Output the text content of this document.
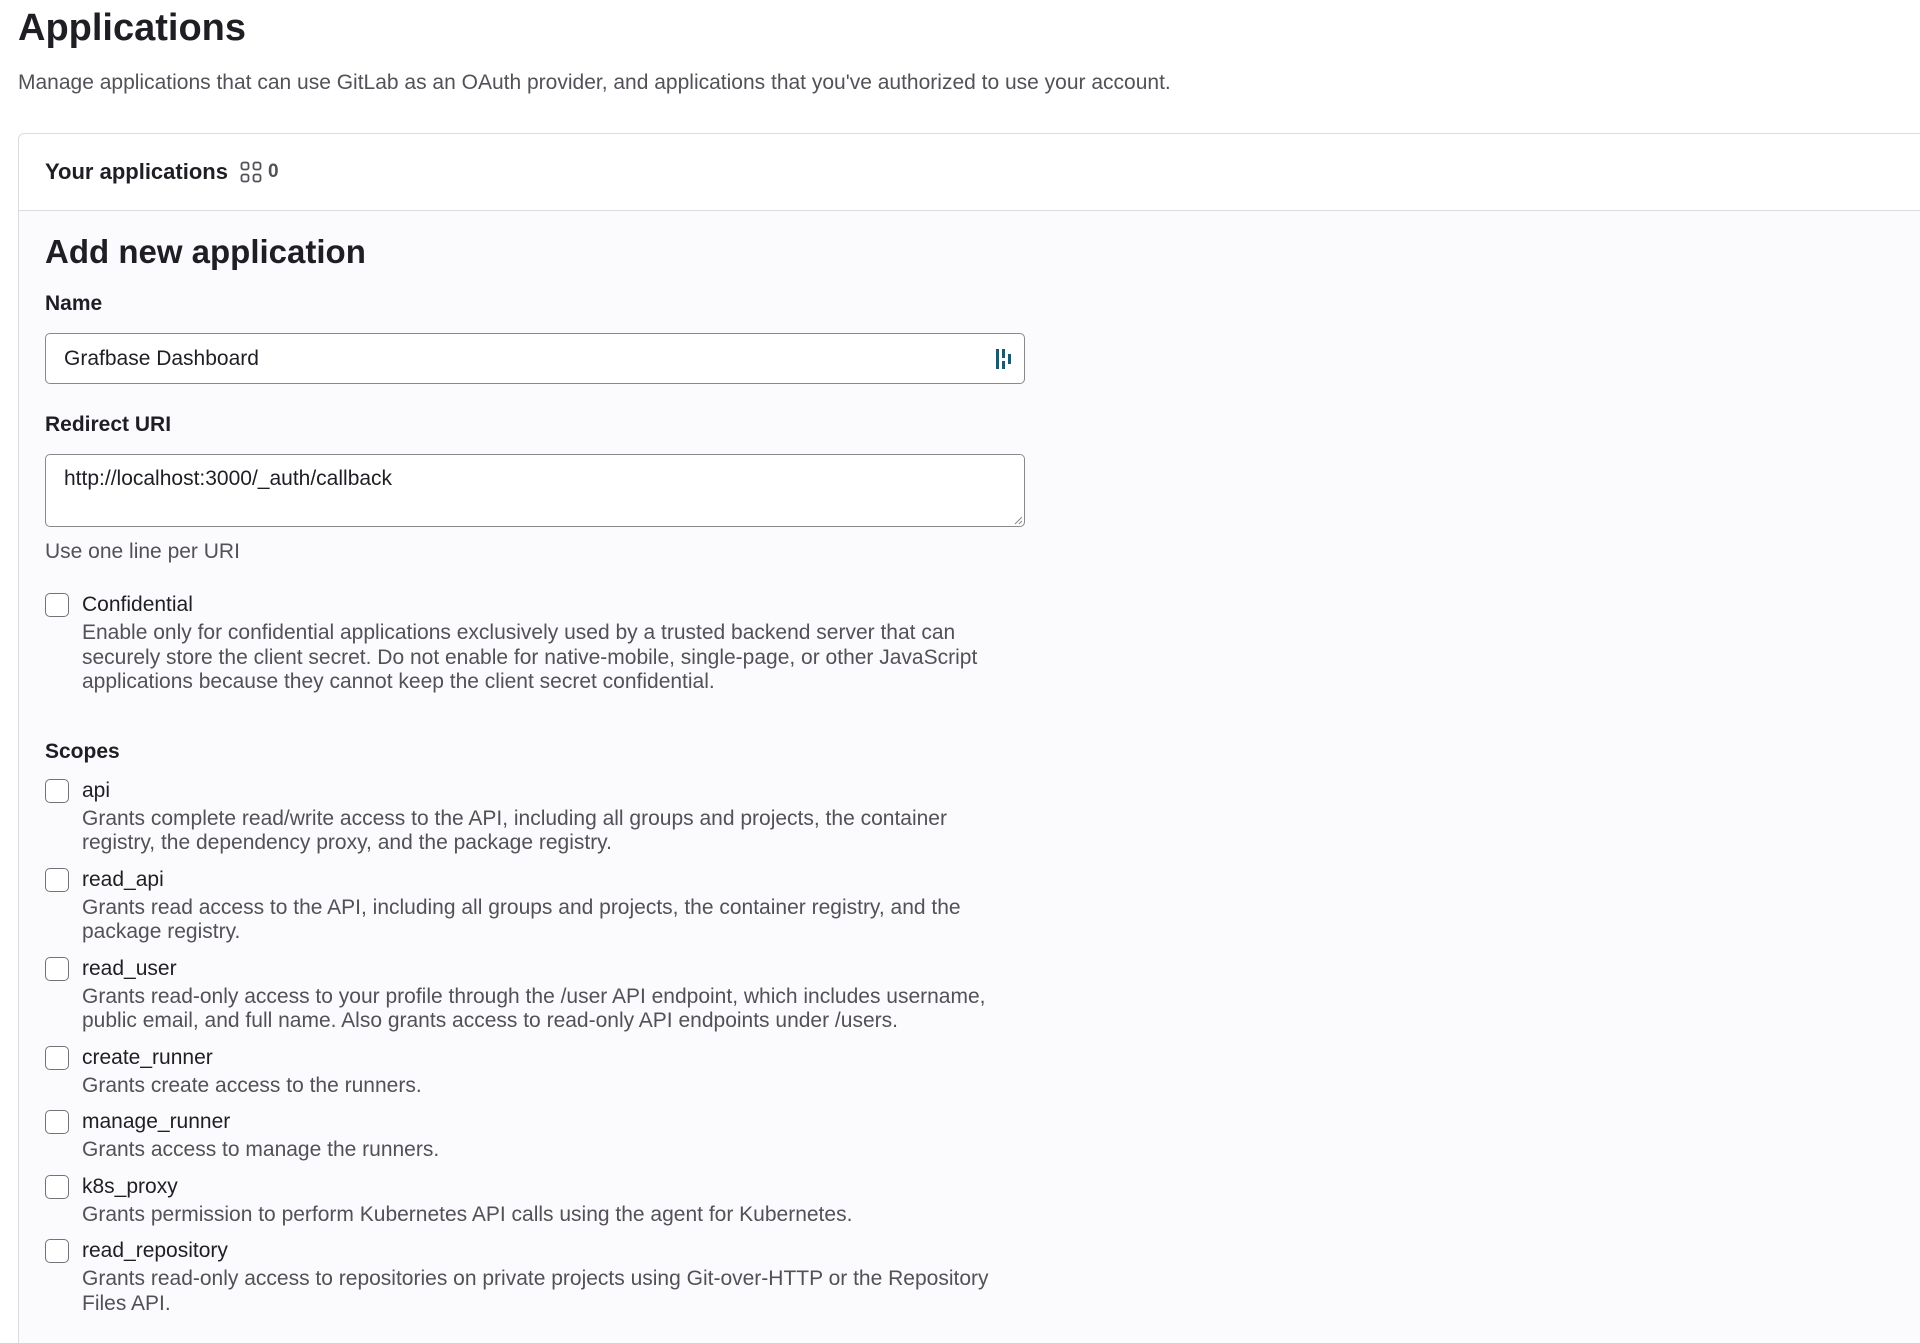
Applications

Manage applications that can use GitLab as an OAuth provider, and applications that you've authorized to use your account.

Your applications 0
Add new application
Name
Grafbase Dashboard
Redirect URI
http://localhost:3000/_auth/callback
Use one line per URI
Confidential
Enable only for confidential applications exclusively used by a trusted backend server that can securely store the client secret. Do not enable for native-mobile, single-page, or other JavaScript applications because they cannot keep the client secret confidential.
Scopes
api
Grants complete read/write access to the API, including all groups and projects, the container registry, the dependency proxy, and the package registry.
read_api
Grants read access to the API, including all groups and projects, the container registry, and the package registry.
read_user
Grants read-only access to your profile through the /user API endpoint, which includes username, public email, and full name. Also grants access to read-only API endpoints under /users.
create_runner
Grants create access to the runners.
manage_runner
Grants access to manage the runners.
k8s_proxy
Grants permission to perform Kubernetes API calls using the agent for Kubernetes.
read_repository
Grants read-only access to repositories on private projects using Git-over-HTTP or the Repository Files API.
